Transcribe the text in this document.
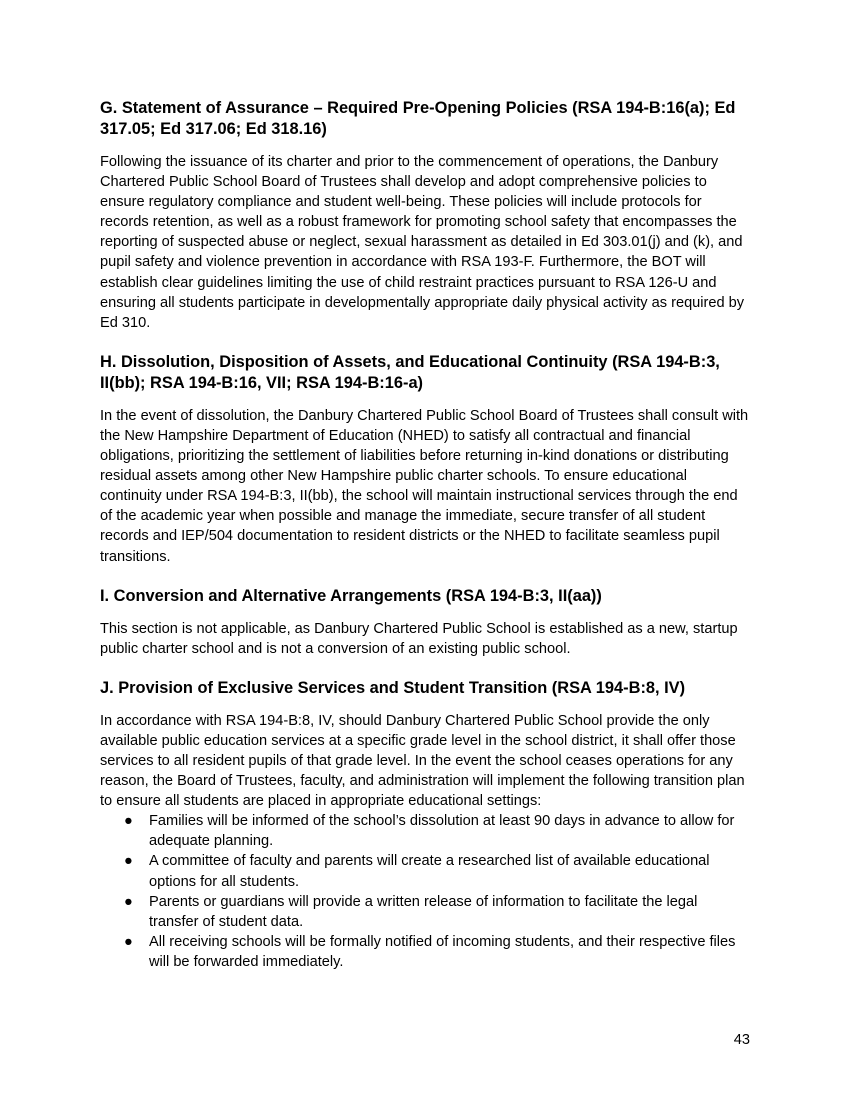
G. Statement of Assurance – Required Pre-Opening Policies (RSA 194-B:16(a); Ed 317.05; Ed 317.06; Ed 318.16)

Following the issuance of its charter and prior to the commencement of operations, the Danbury Chartered Public School Board of Trustees shall develop and adopt comprehensive policies to ensure regulatory compliance and student well-being. These policies will include protocols for records retention, as well as a robust framework for promoting school safety that encompasses the reporting of suspected abuse or neglect, sexual harassment as detailed in Ed 303.01(j) and (k), and pupil safety and violence prevention in accordance with RSA 193-F. Furthermore, the BOT will establish clear guidelines limiting the use of child restraint practices pursuant to RSA 126-U and ensuring all students participate in developmentally appropriate daily physical activity as required by Ed 310.

H. Dissolution, Disposition of Assets, and Educational Continuity (RSA 194-B:3, II(bb); RSA 194-B:16, VII; RSA 194-B:16-a)

In the event of dissolution, the Danbury Chartered Public School Board of Trustees shall consult with the New Hampshire Department of Education (NHED) to satisfy all contractual and financial obligations, prioritizing the settlement of liabilities before returning in-kind donations or distributing residual assets among other New Hampshire public charter schools. To ensure educational continuity under RSA 194-B:3, II(bb), the school will maintain instructional services through the end of the academic year when possible and manage the immediate, secure transfer of all student records and IEP/504 documentation to resident districts or the NHED to facilitate seamless pupil transitions.

I. Conversion and Alternative Arrangements (RSA 194-B:3, II(aa))

This section is not applicable, as Danbury Chartered Public School is established as a new, startup public charter school and is not a conversion of an existing public school.

J. Provision of Exclusive Services and Student Transition (RSA 194-B:8, IV)

In accordance with RSA 194-B:8, IV, should Danbury Chartered Public School provide the only available public education services at a specific grade level in the school district, it shall offer those services to all resident pupils of that grade level. In the event the school ceases operations for any reason, the Board of Trustees, faculty, and administration will implement the following transition plan to ensure all students are placed in appropriate educational settings:

● Families will be informed of the school’s dissolution at least 90 days in advance to allow for adequate planning.
● A committee of faculty and parents will create a researched list of available educational options for all students.
● Parents or guardians will provide a written release of information to facilitate the legal transfer of student data.
● All receiving schools will be formally notified of incoming students, and their respective files will be forwarded immediately.
43
